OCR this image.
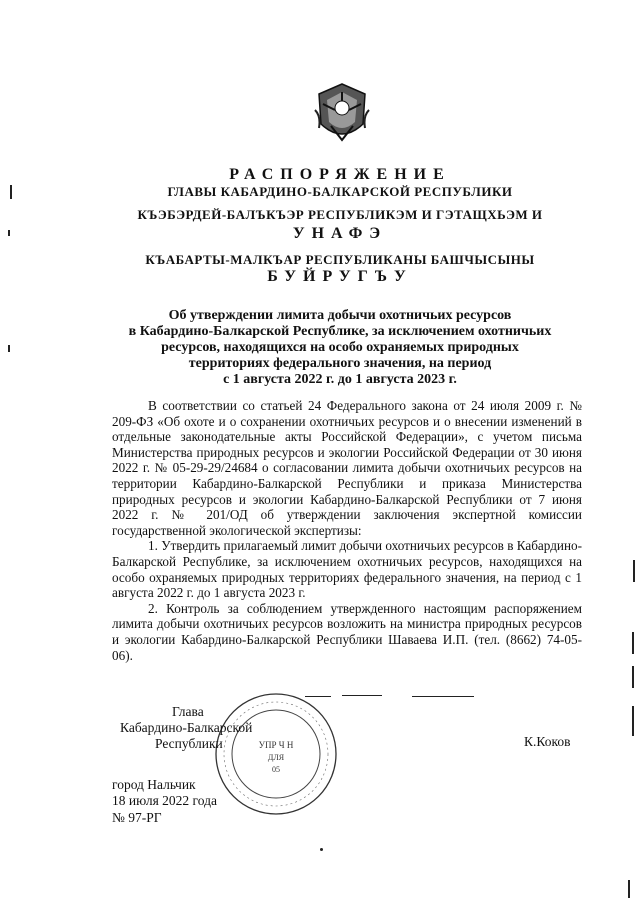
РАСПОРЯЖЕНИЕ
ГЛАВЫ КАБАРДИНО-БАЛКАРСКОЙ РЕСПУБЛИКИ
КЪЭБЭРДЕЙ-БАЛЪКЪЭР РЕСПУБЛИКЭМ И ГЭТАЩХЬЭМ И
УНАФЭ
КЪАБАРТЫ-МАЛКЪАР РЕСПУБЛИКАНЫ БАШЧЫСЫНЫ
БУЙРУГЪУ
Об утверждении лимита добычи охотничьих ресурсов
в Кабардино-Балкарской Республике, за исключением охотничьих
ресурсов, находящихся на особо охраняемых природных
территориях федерального значения, на период
с 1 августа 2022 г. до 1 августа 2023 г.

В соответствии со статьей 24 Федерального закона от 24 июля 2009 г. № 209-ФЗ «Об охоте и о сохранении охотничьих ресурсов и о внесении изменений в отдельные законодательные акты Российской Федерации», с учетом письма Министерства природных ресурсов и экологии Российской Федерации от 30 июня 2022 г. № 05-29-29/24684 о согласовании лимита добычи охотничьих ресурсов на территории Кабардино-Балкарской Республики и приказа Министерства природных ресурсов и экологии Кабардино-Балкарской Республики от 7 июня 2022 г. № 201/ОД об утверждении заключения экспертной комиссии государственной экологической экспертизы:

1. Утвердить прилагаемый лимит добычи охотничьих ресурсов в Кабардино-Балкарской Республике, за исключением охотничьих ресурсов, находящихся на особо охраняемых природных территориях федерального значения, на период с 1 августа 2022 г. до 1 августа 2023 г.

2. Контроль за соблюдением утвержденного настоящим распоряжением лимита добычи охотничьих ресурсов возложить на министра природных ресурсов и экологии Кабардино-Балкарской Республики Шаваева И.П. (тел. (8662) 74-05-06).

УПР Ч Н
ДЛЯ
05
Глава
Кабардино-Балкарской
Республики	К.Коков
город Нальчик
18 июля 2022 года
№ 97-РГ
